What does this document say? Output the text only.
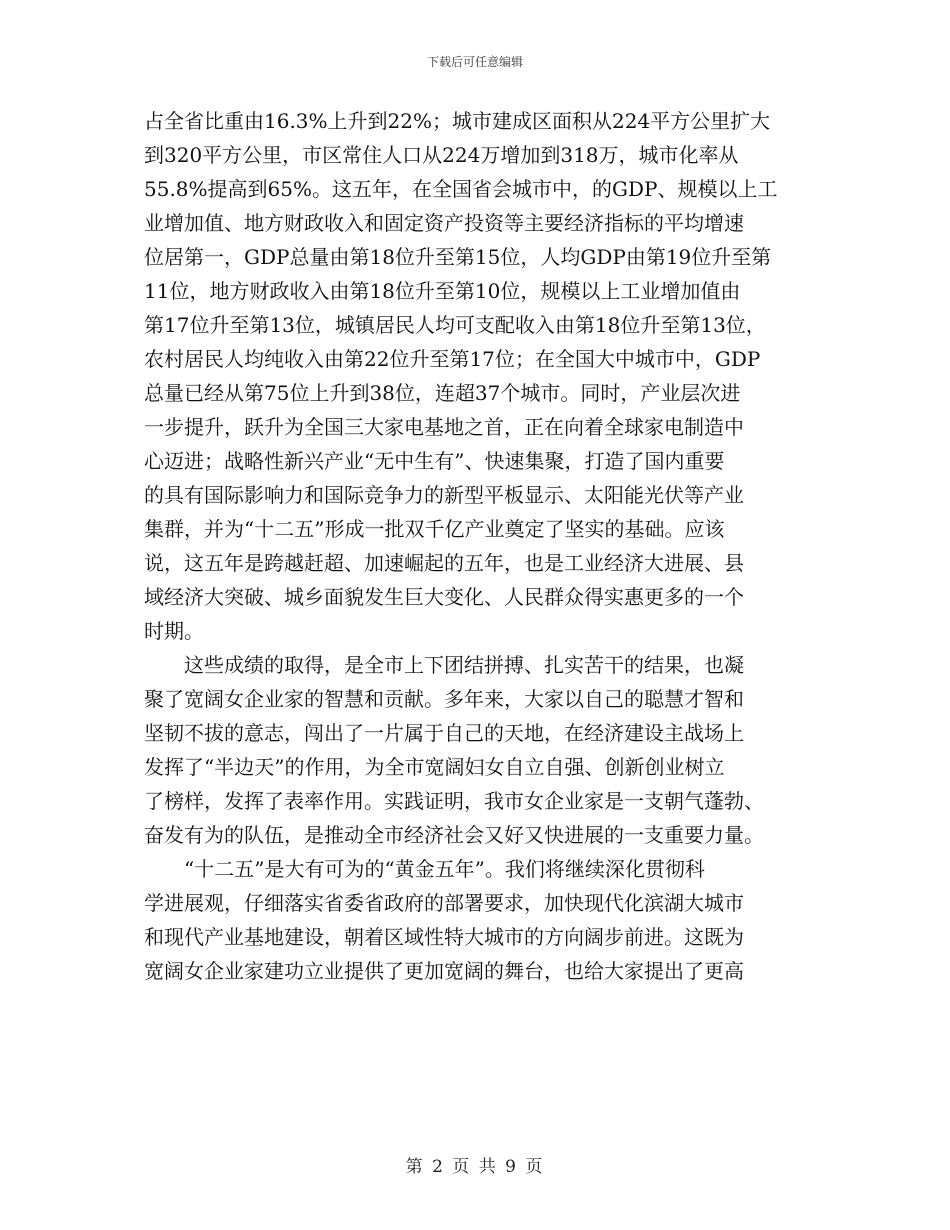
下载后可任意编辑
占全省比重由16.3%上升到22%；城市建成区面积从224平方公里扩大
到320平方公里，市区常住人口从224万增加到318万，城市化率从
55.8%提高到65%。这五年，在全国省会城市中，的GDP、规模以上工
业增加值、地方财政收入和固定资产投资等主要经济指标的平均增速
位居第一，GDP总量由第18位升至第15位，人均GDP由第19位升至第
11位，地方财政收入由第18位升至第10位，规模以上工业增加值由
第17位升至第13位，城镇居民人均可支配收入由第18位升至第13位，
农村居民人均纯收入由第22位升至第17位；在全国大中城市中，GDP
总量已经从第75位上升到38位，连超37个城市。同时，产业层次进
一步提升，跃升为全国三大家电基地之首，正在向着全球家电制造中
心迈进；战略性新兴产业“无中生有”、快速集聚，打造了国内重要
的具有国际影响力和国际竞争力的新型平板显示、太阳能光伏等产业
集群，并为“十二五”形成一批双千亿产业奠定了坚实的基础。应该
说，这五年是跨越赶超、加速崛起的五年，也是工业经济大进展、县
域经济大突破、城乡面貌发生巨大变化、人民群众得实惠更多的一个
时期。
这些成绩的取得，是全市上下团结拼搏、扎实苦干的结果，也凝
聚了宽阔女企业家的智慧和贡献。多年来，大家以自己的聪慧才智和
坚韧不拔的意志，闯出了一片属于自己的天地，在经济建设主战场上
发挥了“半边天”的作用，为全市宽阔妇女自立自强、创新创业树立
了榜样，发挥了表率作用。实践证明，我市女企业家是一支朝气蓬勃、
奋发有为的队伍，是推动全市经济社会又好又快进展的一支重要力量。
“十二五”是大有可为的“黄金五年”。我们将继续深化贯彻科
学进展观，仔细落实省委省政府的部署要求，加快现代化滨湖大城市
和现代产业基地建设，朝着区域性特大城市的方向阔步前进。这既为
宽阔女企业家建功立业提供了更加宽阔的舞台，也给大家提出了更高
第 2 页 共 9 页
